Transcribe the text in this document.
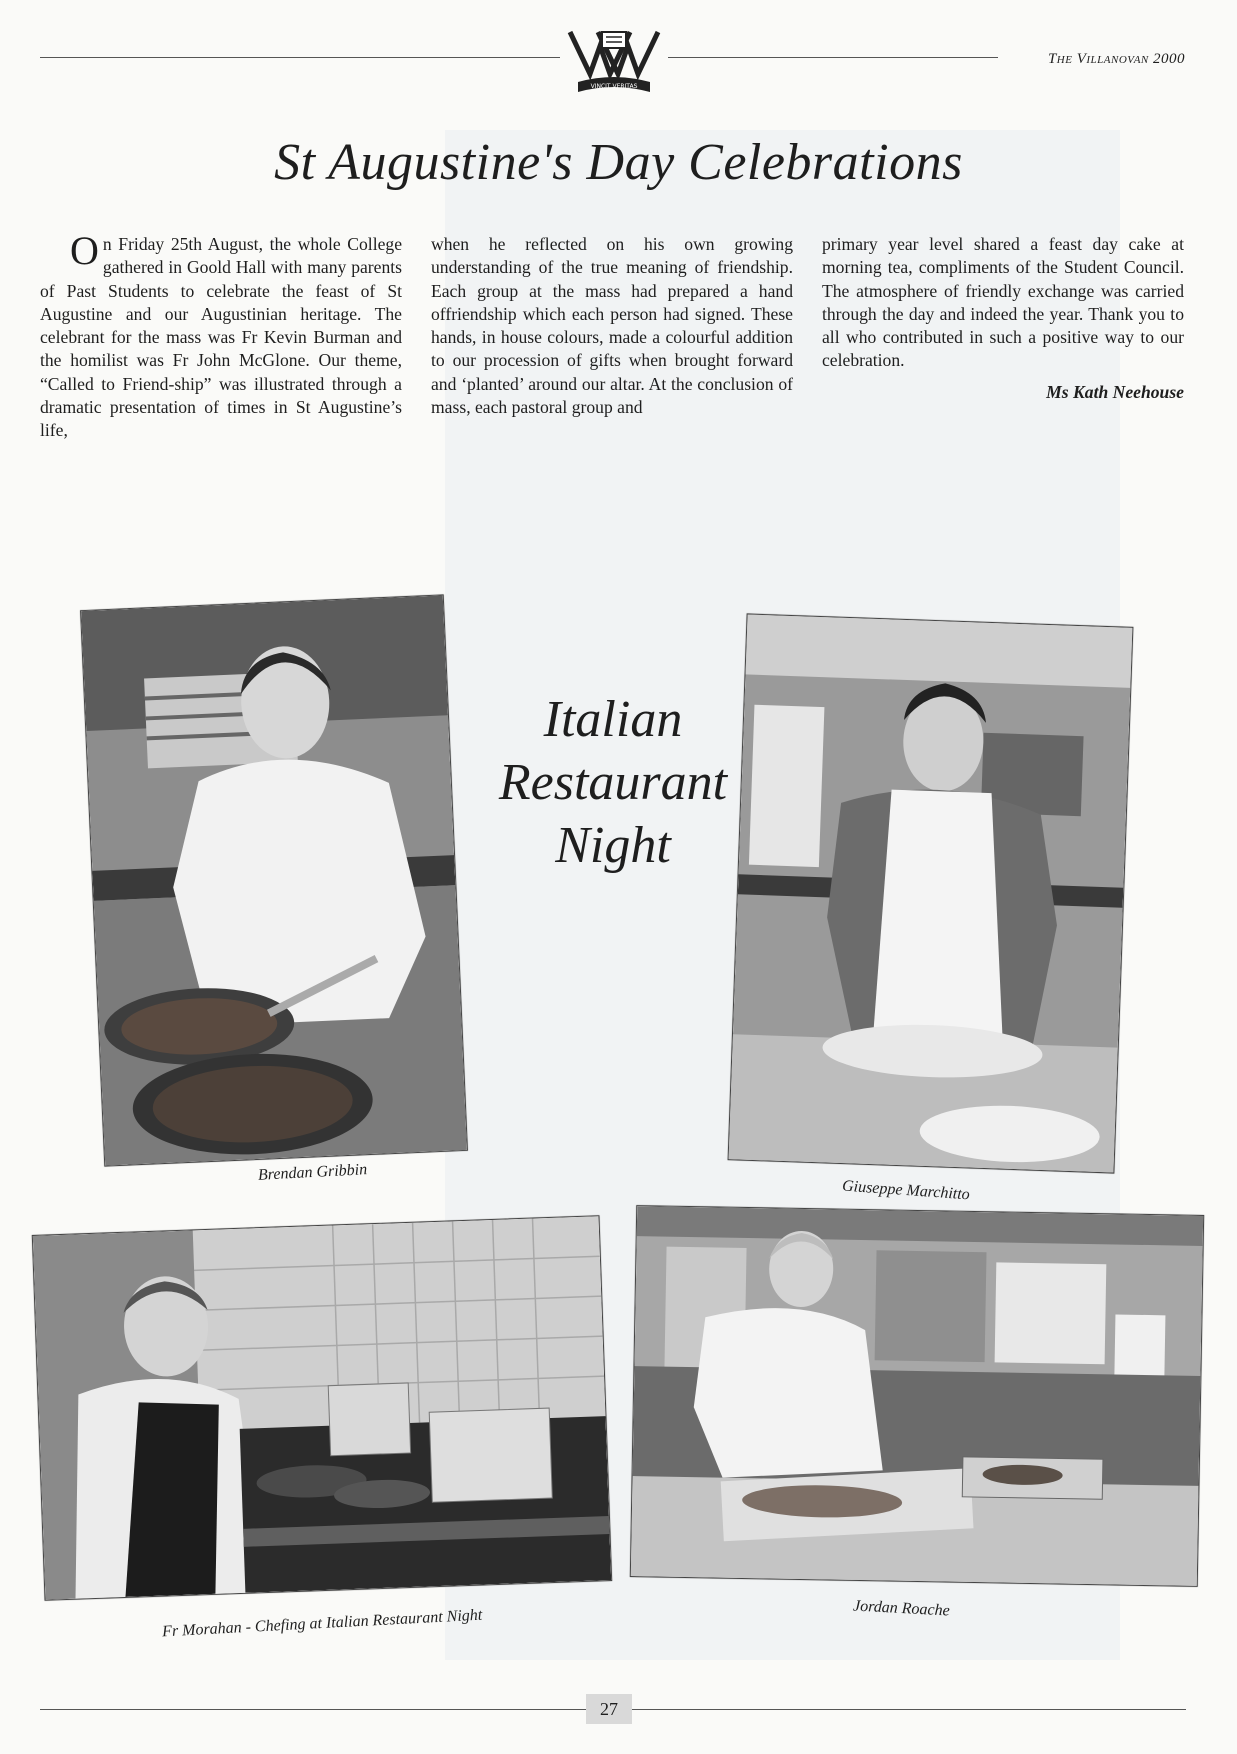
VINCIT VERITAS
The Villanovan 2000
St Augustine's Day Celebrations

On Friday 25th August, the whole College gathered in Goold Hall with many parents of Past Students to celebrate the feast of St Augustine and our Augustinian heritage. The celebrant for the mass was Fr Kevin Burman and the homilist was Fr John McGlone. Our theme, “Called to Friend-ship” was illustrated through a dramatic presentation of times in St Augustine’s life,

when he reflected on his own growing understanding of the true meaning of friendship. Each group at the mass had prepared a hand offriendship which each person had signed. These hands, in house colours, made a colourful addition to our procession of gifts when brought forward and ‘planted’ around our altar. At the conclusion of mass, each pastoral group and

primary year level shared a feast day cake at morning tea, compliments of the Student Council. The atmosphere of friendly exchange was carried through the day and indeed the year. Thank you to all who contributed in such a positive way to our celebration.

Ms Kath Neehouse

Brendan Gribbin
Italian
Restaurant
Night
Giuseppe Marchitto
Fr Morahan - Chefing at Italian Restaurant Night	Jordan Roache
27
